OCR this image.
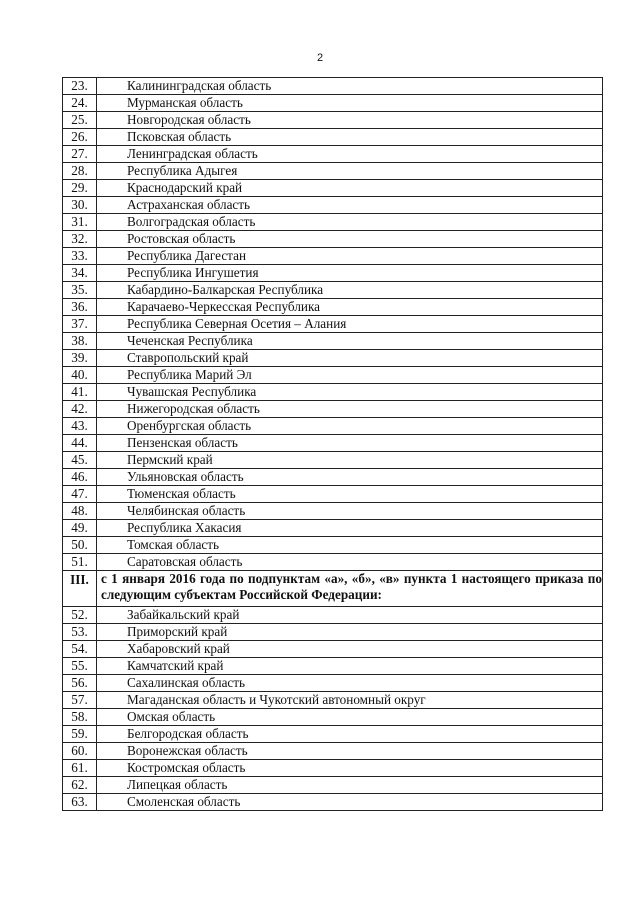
2
23.	Калининградская область
24.	Мурманская область
25.	Новгородская область
26.	Псковская область
27.	Ленинградская область
28.	Республика Адыгея
29.	Краснодарский край
30.	Астраханская область
31.	Волгоградская область
32.	Ростовская область
33.	Республика Дагестан
34.	Республика Ингушетия
35.	Кабардино-Балкарская Республика
36.	Карачаево-Черкесская Республика
37.	Республика Северная Осетия – Алания
38.	Чеченская Республика
39.	Ставропольский край
40.	Республика Марий Эл
41.	Чувашская Республика
42.	Нижегородская область
43.	Оренбургская область
44.	Пензенская область
45.	Пермский край
46.	Ульяновская область
47.	Тюменская область
48.	Челябинская область
49.	Республика Хакасия
50.	Томская область
51.	Саратовская область
III.	с 1 января 2016 года по подпунктам «а», «б», «в» пункта 1 настоящего приказа по следующим субъектам Российской Федерации:
52.	Забайкальский край
53.	Приморский край
54.	Хабаровский край
55.	Камчатский край
56.	Сахалинская область
57.	Магаданская область и Чукотский автономный округ
58.	Омская область
59.	Белгородская область
60.	Воронежская область
61.	Костромская область
62.	Липецкая область
63.	Смоленская область
